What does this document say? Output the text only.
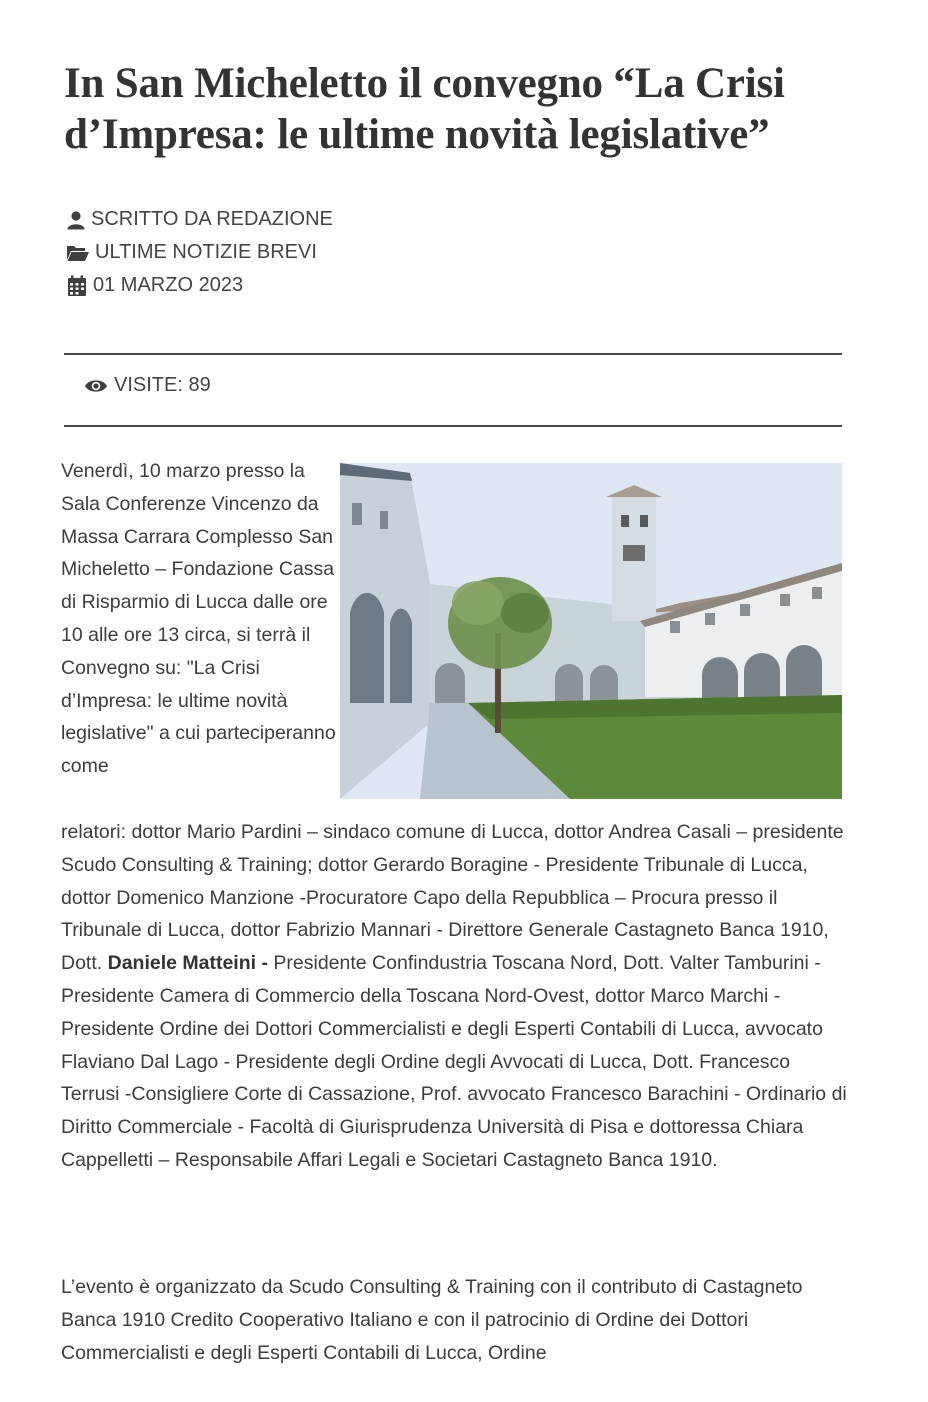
In San Micheletto il convegno “La Crisi d’Impresa: le ultime novità legislative”
SCRITTO DA REDAZIONE
ULTIME NOTIZIE BREVI
01 MARZO 2023
VISITE: 89

Venerdì, 10 marzo presso la Sala Conferenze Vincenzo da Massa Carrara Complesso San Micheletto – Fondazione Cassa di Risparmio di Lucca dalle ore 10 alle ore 13 circa, si terrà il Convegno su: "La Crisi d’Impresa: le ultime novità legislative" a cui parteciperanno come

relatori: dottor Mario Pardini – sindaco comune di Lucca, dottor Andrea Casali – presidente Scudo Consulting & Training; dottor Gerardo Boragine - Presidente Tribunale di Lucca, dottor Domenico Manzione -Procuratore Capo della Repubblica – Procura presso il Tribunale di Lucca, dottor Fabrizio Mannari - Direttore Generale Castagneto Banca 1910, Dott. Daniele Matteini - Presidente Confindustria Toscana Nord, Dott. Valter Tamburini -Presidente Camera di Commercio della Toscana Nord-Ovest, dottor Marco Marchi - Presidente Ordine dei Dottori Commercialisti e degli Esperti Contabili di Lucca, avvocato Flaviano Dal Lago - Presidente degli Ordine degli Avvocati di Lucca, Dott. Francesco Terrusi -Consigliere Corte di Cassazione, Prof. avvocato Francesco Barachini - Ordinario di Diritto Commerciale - Facoltà di Giurisprudenza Università di Pisa e dottoressa Chiara Cappelletti – Responsabile Affari Legali e Societari Castagneto Banca 1910.

L’evento è organizzato da Scudo Consulting & Training con il contributo di Castagneto Banca 1910 Credito Cooperativo Italiano e con il patrocinio di Ordine dei Dottori Commercialisti e degli Esperti Contabili di Lucca, Ordine
